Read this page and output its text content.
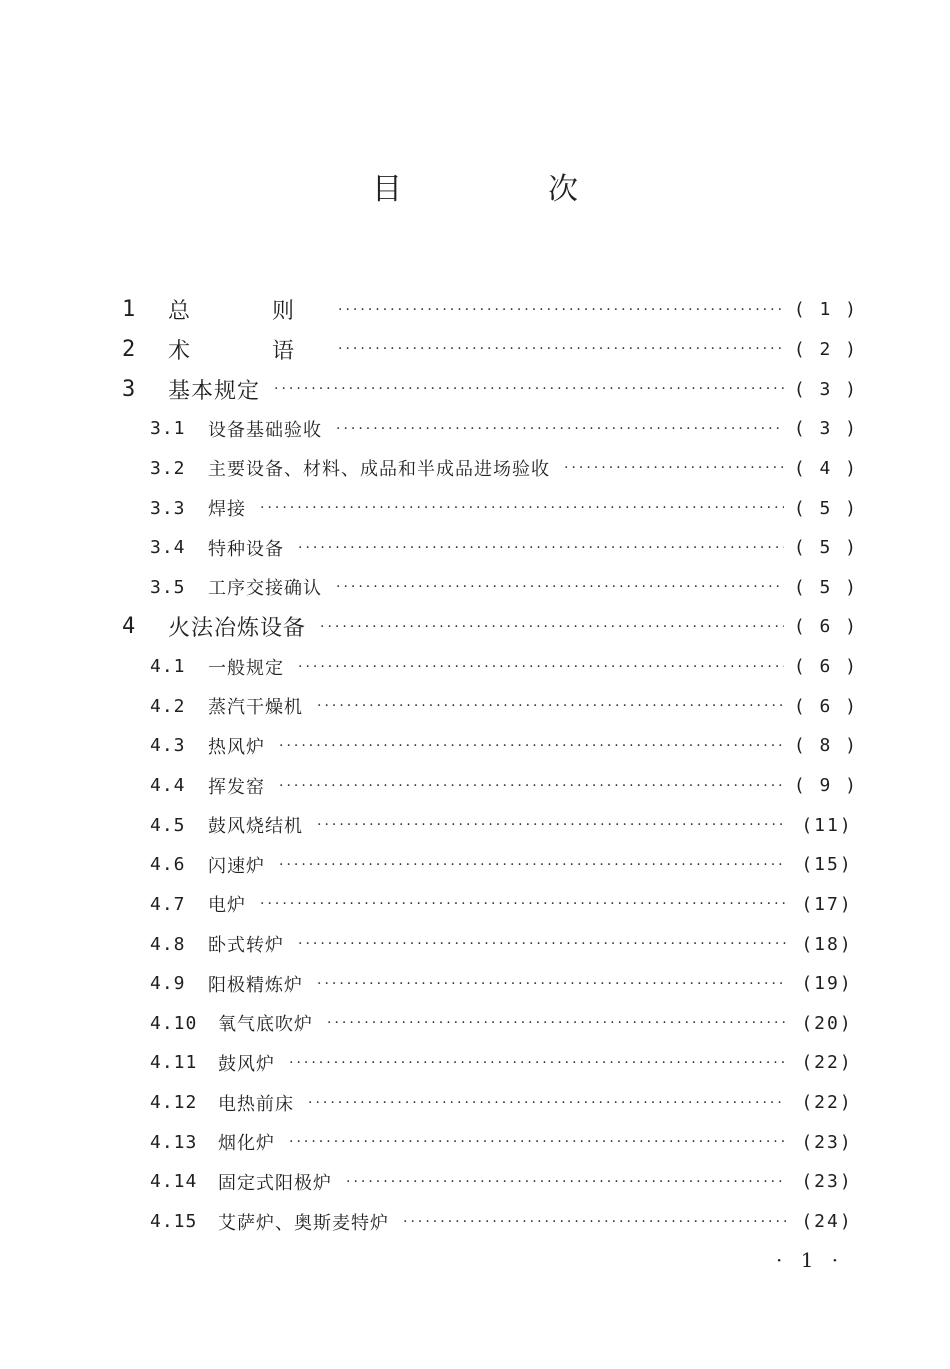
目　次
1	总　则 ·····	( 1 )
2	术　语 ·····	( 2 )
3	基本规定 ·····	( 3 )
3.1	设备基础验收 ·····	( 3 )
3.2	主要设备、材料、成品和半成品进场验收 ·····	( 4 )
3.3	焊接 ·····	( 5 )
3.4	特种设备 ·····	( 5 )
3.5	工序交接确认 ·····	( 5 )
4	火法冶炼设备 ·····	( 6 )
4.1	一般规定 ·····	( 6 )
4.2	蒸汽干燥机 ·····	( 6 )
4.3	热风炉 ·····	( 8 )
4.4	挥发窑 ·····	( 9 )
4.5	鼓风烧结机 ·····	(11)
4.6	闪速炉 ·····	(15)
4.7	电炉 ·····	(17)
4.8	卧式转炉 ·····	(18)
4.9	阳极精炼炉 ·····	(19)
4.10	氧气底吹炉 ·····	(20)
4.11	鼓风炉 ·····	(22)
4.12	电热前床 ·····	(22)
4.13	烟化炉 ·····	(23)
4.14	固定式阳极炉 ·····	(23)
4.15	艾萨炉、奥斯麦特炉 ·····	(24)
· 1 ·
